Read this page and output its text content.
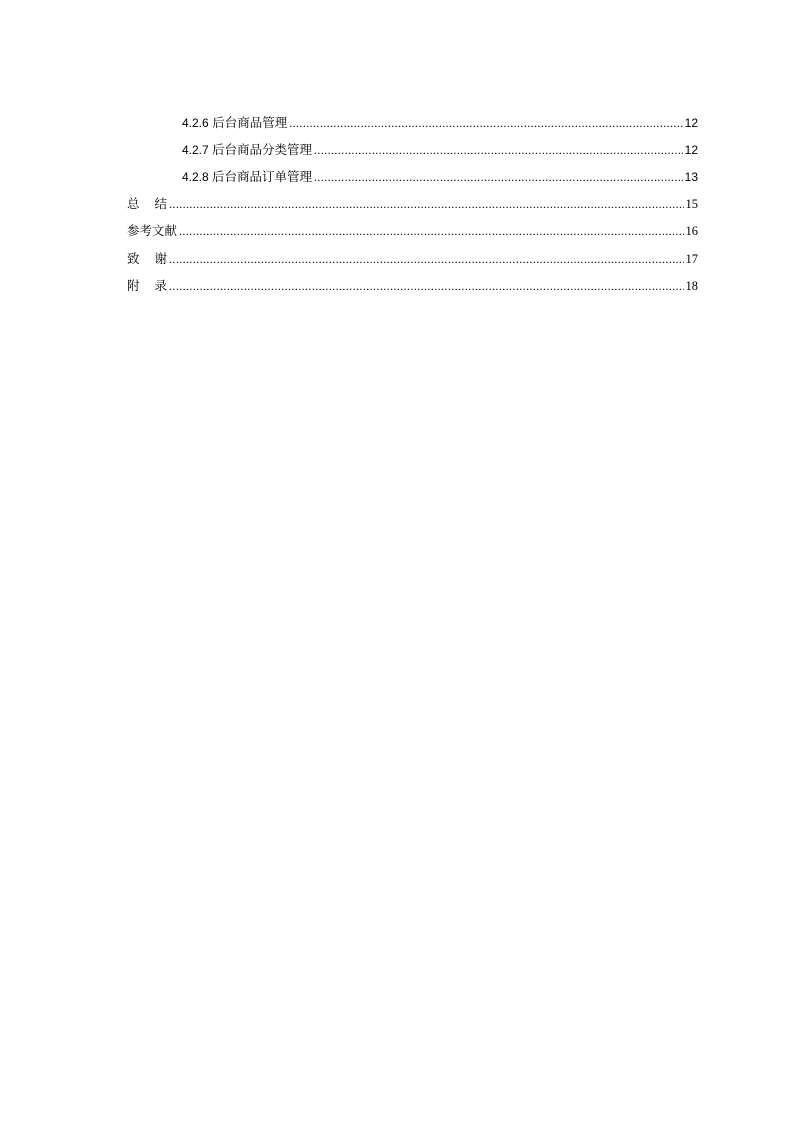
4.2.6 后台商品管理 .....	12
4.2.7 后台商品分类管理 .....	12
4.2.8 后台商品订单管理 .....	13
总结 .....	15
参考文献 .....	16
致谢 .....	17
附录 .....	18
